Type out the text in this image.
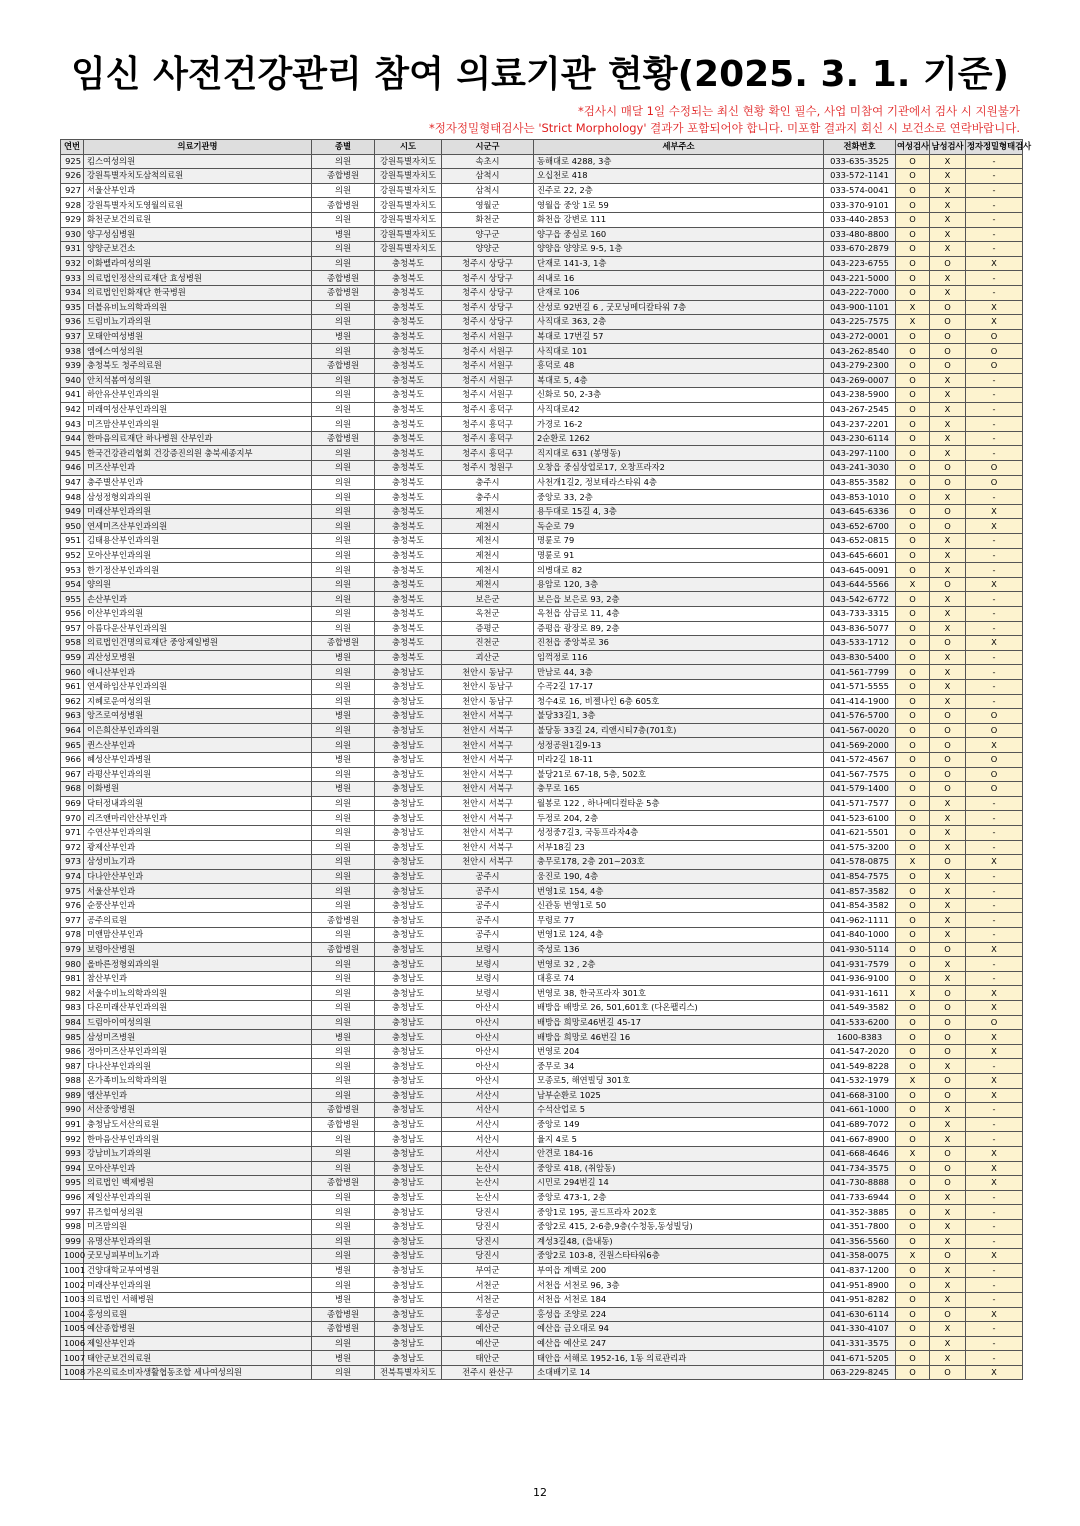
임신 사전건강관리 참여 의료기관 현황(2025. 3. 1. 기준)
*검사시 매달 1일 수정되는 최신 현황 확인 필수, 사업 미참여 기관에서 검사 시 지원불가
*정자정밀형태검사는 'Strict Morphology' 결과가 포함되어야 합니다. 미포함 결과지 회신 시 보건소로 연락바랍니다.
연번	의료기관명	종별	시도	시군구	세부주소	전화번호	여성검사	남성검사	정자정밀형태검사
925	킴스여성의원	의원	강원특별자치도	속초시	동해대로 4288, 3층	033-635-3525	O	X	-
926	강원특별자치도삼척의료원	종합병원	강원특별자치도	삼척시	오십천로 418	033-572-1141	O	X	-
927	서울산부인과	의원	강원특별자치도	삼척시	진주로 22, 2층	033-574-0041	O	X	-
928	강원특별자치도영월의료원	종합병원	강원특별자치도	영월군	영월읍 중앙 1로 59	033-370-9101	O	X	-
929	화천군보건의료원	의원	강원특별자치도	화천군	화천읍 강변로 111	033-440-2853	O	X	-
930	양구성심병원	병원	강원특별자치도	양구군	양구읍 중심로 160	033-480-8800	O	X	-
931	양양군보건소	의원	강원특별자치도	양양군	양양읍 양양로 9-5, 1층	033-670-2879	O	X	-
932	이화벨라여성의원	의원	충청북도	청주시 상당구	단재로 141-3, 1층	043-223-6755	O	O	X
933	의료법인정산의료재단 효성병원	종합병원	충청북도	청주시 상당구	쇠내로 16	043-221-5000	O	X	-
934	의료법인인화재단 한국병원	종합병원	충청북도	청주시 상당구	단재로 106	043-222-7000	O	X	-
935	더블유비뇨의학과의원	의원	충청북도	청주시 상당구	산성로 92번길 6 , 굿모닝메디칼타워 7층	043-900-1101	X	O	X
936	드림비뇨기과의원	의원	충청북도	청주시 상당구	사직대로 363, 2층	043-225-7575	X	O	X
937	모태안여성병원	병원	충청북도	청주시 서원구	복대로 17번길 57	043-272-0001	O	O	O
938	엠에스여성의원	의원	충청북도	청주시 서원구	사직대로 101	043-262-8540	O	O	O
939	충청북도 청주의료원	종합병원	충청북도	청주시 서원구	흥덕로 48	043-279-2300	O	O	O
940	안치석봄여성의원	의원	충청북도	청주시 서원구	복대로 5, 4층	043-269-0007	O	X	-
941	하안유산부인과의원	의원	충청북도	청주시 서원구	신화로 50, 2-3층	043-238-5900	O	X	-
942	미래여성산부인과의원	의원	충청북도	청주시 흥덕구	사직대로42	043-267-2545	O	X	-
943	미즈맘산부인과의원	의원	충청북도	청주시 흥덕구	가경로 16-2	043-237-2201	O	X	-
944	한마음의료재단 하나병원 산부인과	종합병원	충청북도	청주시 흥덕구	2순환로 1262	043-230-6114	O	X	-
945	한국건강관리협회 건강증진의원 충북세종지부	의원	충청북도	청주시 흥덕구	직지대로 631 (봉명동)	043-297-1100	O	X	-
946	미즈산부인과	의원	충청북도	청주시 청원구	오창읍 중심상업로17, 오창프라자2	043-241-3030	O	O	O
947	충주별산부인과	의원	충청북도	충주시	사천개1길2, 정보테라스타워 4층	043-855-3582	O	O	O
948	삼성정형외과의원	의원	충청북도	충주시	중앙로 33, 2층	043-853-1010	O	X	-
949	미래산부인과의원	의원	충청북도	제천시	용두대로 15길 4, 3층	043-645-6336	O	O	X
950	연세미즈산부인과의원	의원	충청북도	제천시	독순로 79	043-652-6700	O	O	X
951	김태용산부인과의원	의원	충청북도	제천시	명륜로 79	043-652-0815	O	X	-
952	모아산부인과의원	의원	충청북도	제천시	명륜로 91	043-645-6601	O	X	-
953	한기정산부인과의원	의원	충청북도	제천시	의병대로 82	043-645-0091	O	X	-
954	양의원	의원	충청북도	제천시	용암로 120, 3층	043-644-5566	X	O	X
955	손산부인과	의원	충청북도	보은군	보은읍 보은로 93, 2층	043-542-6772	O	X	-
956	이산부인과의원	의원	충청북도	옥천군	옥천읍 삼금로 11, 4층	043-733-3315	O	X	-
957	아름다운산부인과의원	의원	충청북도	증평군	증평읍 광장로 89, 2층	043-836-5077	O	X	-
958	의료법인건명의료재단 중앙제일병원	종합병원	충청북도	진천군	진천읍 중앙북로 36	043-533-1712	O	O	X
959	괴산성모병원	병원	충청북도	괴산군	임꺽정로 116	043-830-5400	O	X	-
960	애니산부인과	의원	충청남도	천안시 동남구	만남로 44, 3층	041-561-7799	O	X	-
961	연세하임산부인과의원	의원	충청남도	천안시 동남구	수곡2길 17-17	041-571-5555	O	X	-
962	지혜로운여성의원	의원	충청남도	천안시 동남구	청수4로 16, 비젤나인 6층 605호	041-414-1900	O	X	-
963	앙즈로여성병원	병원	충청남도	천안시 서북구	불당33길1, 3층	041-576-5700	O	O	O
964	이은희산부인과의원	의원	충청남도	천안시 서북구	불당동 33길 24, 리앤시티7층(701호)	041-567-0020	O	O	O
965	퀸스산부인과	의원	충청남도	천안시 서북구	성정공원1길9-13	041-569-2000	O	O	X
966	혜성산부인과병원	병원	충청남도	천안시 서북구	미라2길 18-11	041-572-4567	O	O	O
967	라평산부인과의원	의원	충청남도	천안시 서북구	불당21로 67-18, 5층, 502호	041-567-7575	O	O	O
968	이화병원	병원	충청남도	천안시 서북구	충무로 165	041-579-1400	O	O	O
969	닥터정내과의원	의원	충청남도	천안시 서북구	월봉로 122 , 하나메디컬타운 5층	041-571-7577	O	X	-
970	리즈앤마리안산부인과	의원	충청남도	천안시 서북구	두정로 204, 2층	041-523-6100	O	X	-
971	수연산부인과의원	의원	충청남도	천안시 서북구	성정중7길3, 국동프라자4층	041-621-5501	O	X	-
972	광제산부인과	의원	충청남도	천안시 서북구	서부18길 23	041-575-3200	O	X	-
973	삼성비뇨기과	의원	충청남도	천안시 서북구	충무로178, 2층 201~203호	041-578-0875	X	O	X
974	다나안산부인과	의원	충청남도	공주시	웅진로 190, 4층	041-854-7575	O	X	-
975	서울산부인과	의원	충청남도	공주시	번영1로 154, 4층	041-857-3582	O	X	-
976	순풍산부인과	의원	충청남도	공주시	신관동 번영1로 50	041-854-3582	O	X	-
977	공주의료원	종합병원	충청남도	공주시	무령로 77	041-962-1111	O	X	-
978	미앤맘산부인과	의원	충청남도	공주시	번영1로 124, 4층	041-840-1000	O	X	-
979	보령아산병원	종합병원	충청남도	보령시	죽성로 136	041-930-5114	O	O	X
980	올바른정형외과의원	의원	충청남도	보령시	번영로 32 , 2층	041-931-7579	O	X	-
981	참산부인과	의원	충청남도	보령시	대흥로 74	041-936-9100	O	X	-
982	서울수비뇨의학과의원	의원	충청남도	보령시	번영로 38, 한국프라자 301호	041-931-1611	X	O	X
983	다온미래산부인과의원	의원	충청남도	아산시	배방읍 배방로 26, 501,601호 (다온팰리스)	041-549-3582	O	O	X
984	드림아이여성의원	의원	충청남도	아산시	배방읍 희망로46번길 45-17	041-533-6200	O	O	O
985	삼성미즈병원	병원	충청남도	아산시	배방읍 희망로 46번길 16	1600-8383	O	O	X
986	정아미즈산부인과의원	의원	충청남도	아산시	번영로 204	041-547-2020	O	O	X
987	다나산부인과의원	의원	충청남도	아산시	중무로 34	041-549-8228	O	X	-
988	온가족비뇨의학과의원	의원	충청남도	아산시	모종로5, 해연빌딩 301호	041-532-1979	X	O	X
989	엠산부인과	의원	충청남도	서산시	남부순환로 1025	041-668-3100	O	O	X
990	서산중앙병원	종합병원	충청남도	서산시	수석산업로 5	041-661-1000	O	X	-
991	충청남도서산의료원	종합병원	충청남도	서산시	중앙로 149	041-689-7072	O	X	-
992	한마음산부인과의원	의원	충청남도	서산시	율지 4로 5	041-667-8900	O	X	-
993	강남비뇨기과의원	의원	충청남도	서산시	안견로 184-16	041-668-4646	X	O	X
994	모아산부인과	의원	충청남도	논산시	중앙로 418, (취암동)	041-734-3575	O	O	X
995	의료법인 백제병원	종합병원	충청남도	논산시	시민로 294번길 14	041-730-8888	O	O	X
996	제일산부인과의원	의원	충청남도	논산시	중앙로 473-1, 2층	041-733-6944	O	X	-
997	뮤즈힐여성의원	의원	충청남도	당진시	중앙1로 195, 골드프라자 202호	041-352-3885	O	X	-
998	미즈맘의원	의원	충청남도	당진시	중앙2로 415, 2-6층,9층(수청동,동성빌딩)	041-351-7800	O	X	-
999	유명산부인과의원	의원	충청남도	당진시	계성3길48, (읍내동)	041-356-5560	O	X	-
1000	굿모닝피부비뇨기과	의원	충청남도	당진시	중앙2로 103-8, 진원스타타워6층	041-358-0075	X	O	X
1001	건양대학교부여병원	병원	충청남도	부여군	부여읍 계백로 200	041-837-1200	O	X	-
1002	미래산부인과의원	의원	충청남도	서천군	서천읍 서천로 96, 3층	041-951-8900	O	X	-
1003	의료법인 서해병원	병원	충청남도	서천군	서천읍 서천로 184	041-951-8282	O	X	-
1004	홍성의료원	종합병원	충청남도	홍성군	홍성읍 조양로 224	041-630-6114	O	O	X
1005	예산종합병원	종합병원	충청남도	예산군	예산읍 금오대로 94	041-330-4107	O	X	-
1006	제일산부인과	의원	충청남도	예산군	예산읍 예산로 247	041-331-3575	O	X	-
1007	태안군보건의료원	병원	충청남도	태안군	태안읍 서해로 1952-16, 1동 의료관리과	041-671-5205	O	X	-
1008	가온의료소비자생활협동조합 세나여성의원	의원	전북특별자치도	전주시 완산구	소대배기로 14	063-229-8245	O	O	X
12
